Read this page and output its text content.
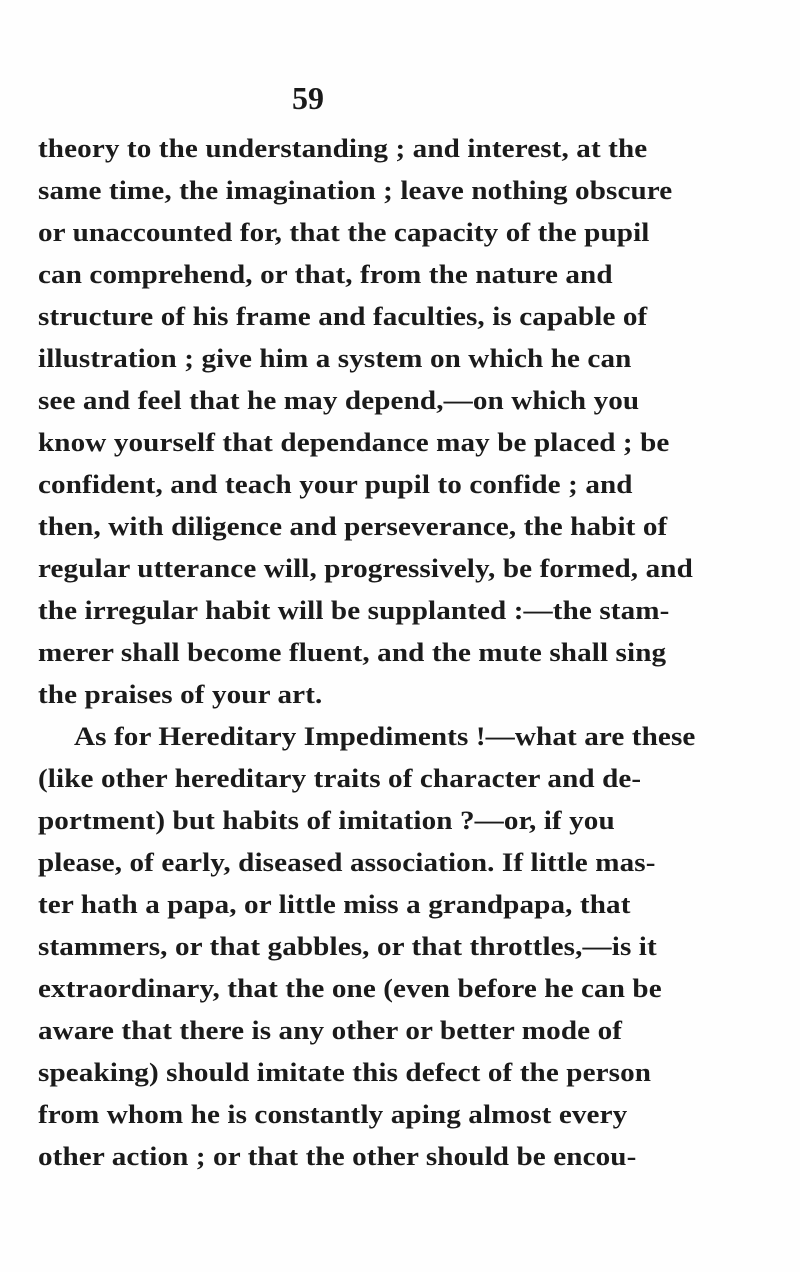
59
theory to the understanding ; and interest, at the
same time, the imagination ; leave nothing obscure
or unaccounted for, that the capacity of the pupil
can comprehend, or that, from the nature and
structure of his frame and faculties, is capable of
illustration ; give him a system on which he can
see and feel that he may depend,—on which you
know yourself that dependance may be placed ; be
confident, and teach your pupil to confide ; and
then, with diligence and perseverance, the habit of
regular utterance will, progressively, be formed, and
the irregular habit will be supplanted :—the stam-
merer shall become fluent, and the mute shall sing
the praises of your art.
As for Hereditary Impediments !—what are these
(like other hereditary traits of character and de-
portment) but habits of imitation ?—or, if you
please, of early, diseased association. If little mas-
ter hath a papa, or little miss a grandpapa, that
stammers, or that gabbles, or that throttles,—is it
extraordinary, that the one (even before he can be
aware that there is any other or better mode of
speaking) should imitate this defect of the person
from whom he is constantly aping almost every
other action ; or that the other should be encou-
